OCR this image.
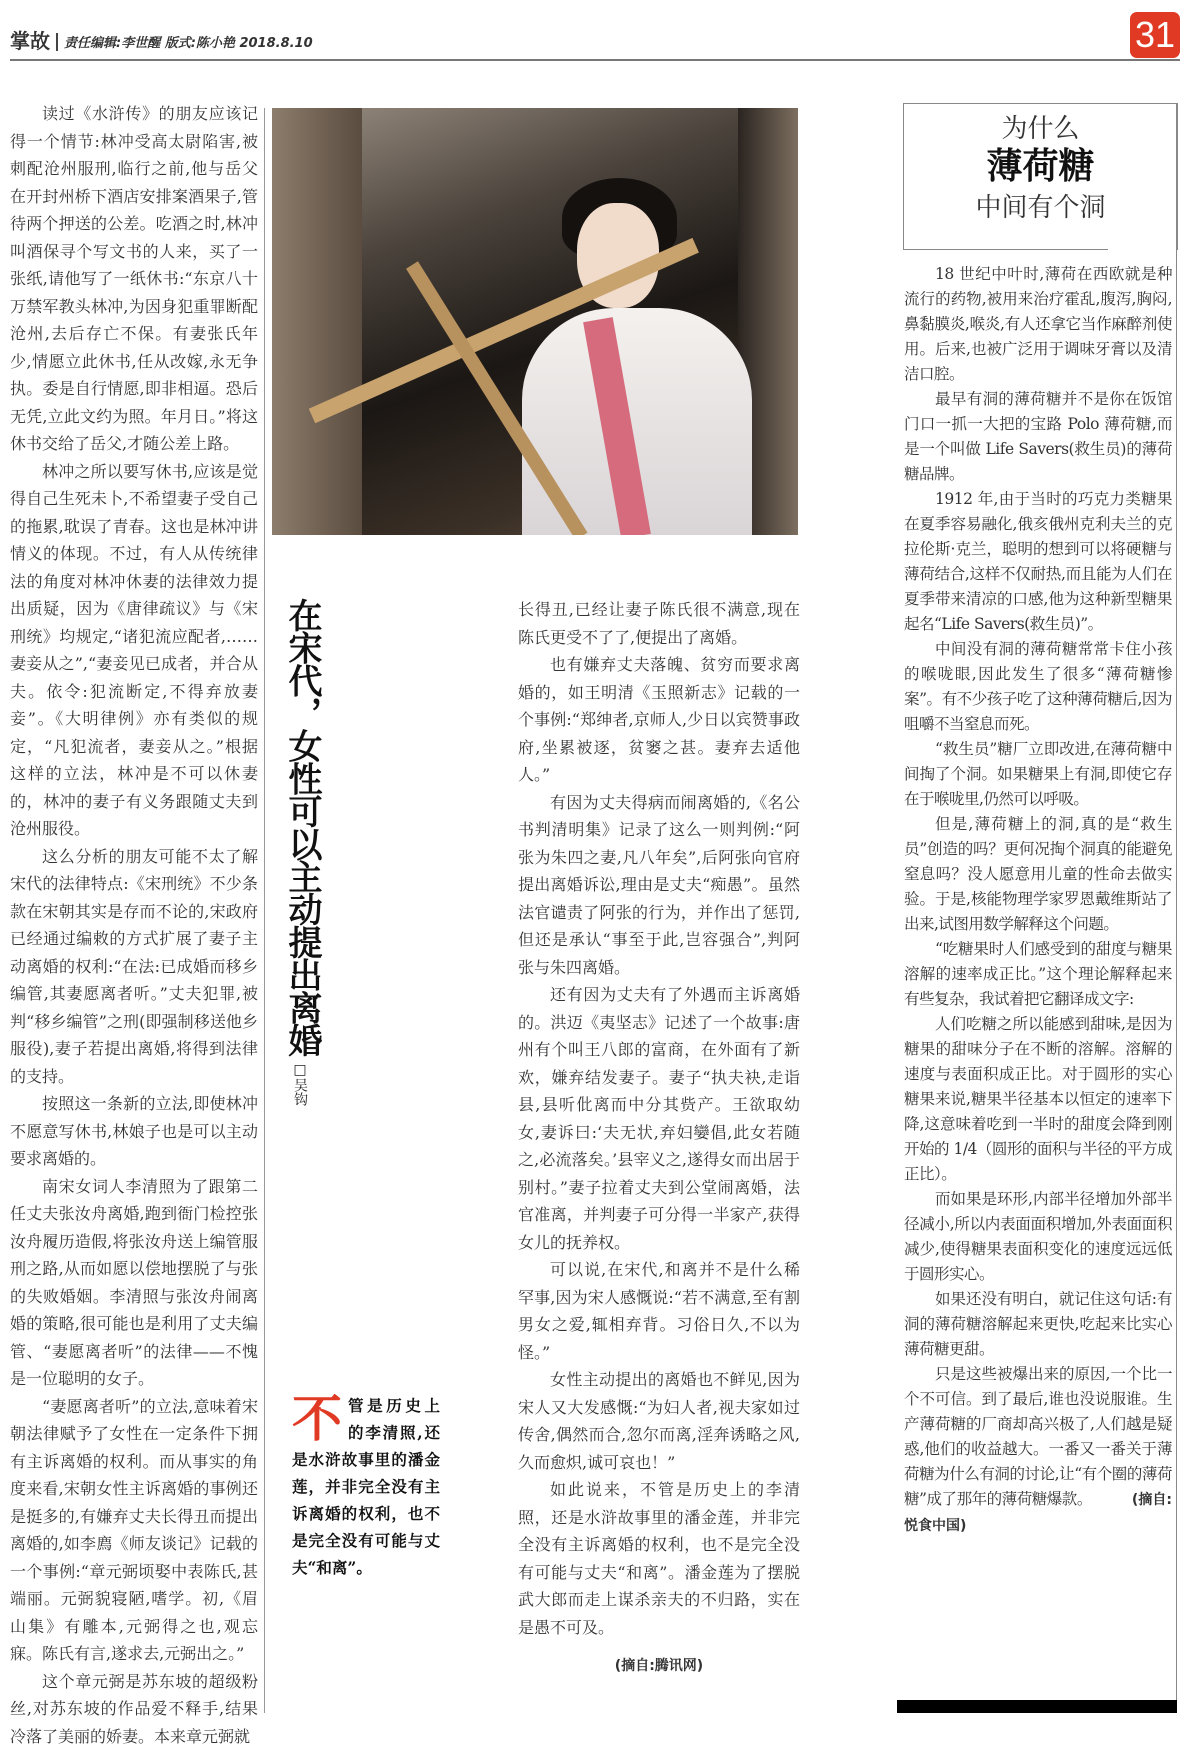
掌故 责任编辑:李世醒 版式:陈小艳 2018.8.10	31

读过《水浒传》的朋友应该记得一个情节:林冲受高太尉陷害,被刺配沧州服刑,临行之前,他与岳父在开封州桥下酒店安排案酒果子,管待两个押送的公差。吃酒之时,林冲叫酒保寻个写文书的人来，买了一张纸,请他写了一纸休书:“东京八十万禁军教头林冲,为因身犯重罪断配沧州,去后存亡不保。有妻张氏年少,情愿立此休书,任从改嫁,永无争执。委是自行情愿,即非相逼。恐后无凭,立此文约为照。年月日。”将这休书交给了岳父,才随公差上路。

林冲之所以要写休书,应该是觉得自己生死未卜,不希望妻子受自己的拖累,耽误了青春。这也是林冲讲情义的体现。不过，有人从传统律法的角度对林冲休妻的法律效力提出质疑，因为《唐律疏议》与《宋刑统》均规定,“诸犯流应配者,……妻妾从之”,“妻妾见已成者，并合从夫。依令:犯流断定,不得弃放妻妾”。《大明律例》亦有类似的规定，“凡犯流者，妻妾从之。”根据这样的立法，林冲是不可以休妻的，林冲的妻子有义务跟随丈夫到沧州服役。

这么分析的朋友可能不太了解宋代的法律特点:《宋刑统》不少条款在宋朝其实是存而不论的,宋政府已经通过编敕的方式扩展了妻子主动离婚的权利:“在法:已成婚而移乡编管,其妻愿离者听。”丈夫犯罪,被判“移乡编管”之刑(即强制移送他乡服役),妻子若提出离婚,将得到法律的支持。

按照这一条新的立法,即使林冲不愿意写休书,林娘子也是可以主动要求离婚的。

南宋女词人李清照为了跟第二任丈夫张汝舟离婚,跑到衙门检控张汝舟履历造假,将张汝舟送上编管服刑之路,从而如愿以偿地摆脱了与张的失败婚姻。李清照与张汝舟闹离婚的策略,很可能也是利用了丈夫编管、“妻愿离者听”的法律——不愧是一位聪明的女子。

“妻愿离者听”的立法,意味着宋朝法律赋予了女性在一定条件下拥有主诉离婚的权利。而从事实的角度来看,宋朝女性主诉离婚的事例还是挺多的,有嫌弃丈夫长得丑而提出离婚的,如李廌《师友谈记》记载的一个事例:“章元弼顷娶中表陈氏,甚端丽。元弼貌寝陋,嗜学。初,《眉山集》有雕本,元弼得之也,观忘寐。陈氏有言,遂求去,元弼出之。”

这个章元弼是苏东坡的超级粉丝,对苏东坡的作品爱不释手,结果冷落了美丽的娇妻。本来章元弼就

在宋代，女性可以主动提出离婚
□吴钩
不 管是历史上的李清照,还是水浒故事里的潘金莲，并非完全没有主诉离婚的权利，也不是完全没有可能与丈夫“和离”。

长得丑,已经让妻子陈氏很不满意,现在陈氏更受不了了,便提出了离婚。

也有嫌弃丈夫落魄、贫穷而要求离婚的，如王明清《玉照新志》记载的一个事例:“郑绅者,京师人,少日以宾赞事政府,坐累被逐，贫窭之甚。妻弃去适他人。”

有因为丈夫得病而闹离婚的,《名公书判清明集》记录了这么一则判例:“阿张为朱四之妻,凡八年矣”,后阿张向官府提出离婚诉讼,理由是丈夫“痴愚”。虽然法官谴责了阿张的行为，并作出了惩罚,但还是承认“事至于此,岂容强合”,判阿张与朱四离婚。

还有因为丈夫有了外遇而主诉离婚的。洪迈《夷坚志》记述了一个故事:唐州有个叫王八郎的富商，在外面有了新欢，嫌弃结发妻子。妻子“执夫袂,走诣县,县听仳离而中分其赀产。王欲取幼女,妻诉曰:‘夫无状,弃妇孌倡,此女若随之,必流落矣。’县宰义之,遂得女而出居于别村。”妻子拉着丈夫到公堂闹离婚，法官准离，并判妻子可分得一半家产,获得女儿的抚养权。

可以说,在宋代,和离并不是什么稀罕事,因为宋人感慨说:“若不满意,至有割男女之爱,辄相弃背。习俗日久,不以为怪。”

女性主动提出的离婚也不鲜见,因为宋人又大发感慨:“为妇人者,视夫家如过传舍,偶然而合,忽尔而离,淫奔诱略之风,久而愈炽,诚可哀也！”

如此说来，不管是历史上的李清照，还是水浒故事里的潘金莲，并非完全没有主诉离婚的权利，也不是完全没有可能与丈夫“和离”。潘金莲为了摆脱武大郎而走上谋杀亲夫的不归路，实在是愚不可及。

(摘自:腾讯网)
为什么
薄荷糖
中间有个洞

18 世纪中叶时,薄荷在西欧就是种流行的药物,被用来治疗霍乱,腹泻,胸闷,鼻黏膜炎,喉炎,有人还拿它当作麻醉剂使用。后来,也被广泛用于调味牙膏以及清洁口腔。

最早有洞的薄荷糖并不是你在饭馆门口一抓一大把的宝路 Polo 薄荷糖,而是一个叫做 Life Savers(救生员)的薄荷糖品牌。

1912 年,由于当时的巧克力类糖果在夏季容易融化,俄亥俄州克利夫兰的克拉伦斯·克兰，聪明的想到可以将硬糖与薄荷结合,这样不仅耐热,而且能为人们在夏季带来清凉的口感,他为这种新型糖果起名“Life Savers(救生员)”。

中间没有洞的薄荷糖常常卡住小孩的喉咙眼,因此发生了很多“薄荷糖惨案”。有不少孩子吃了这种薄荷糖后,因为咀嚼不当窒息而死。

“救生员”糖厂立即改进,在薄荷糖中间掏了个洞。如果糖果上有洞,即使它存在于喉咙里,仍然可以呼吸。

但是,薄荷糖上的洞,真的是“救生员”创造的吗？更何况掏个洞真的能避免窒息吗？没人愿意用儿童的性命去做实验。于是,核能物理学家罗恩戴维斯站了出来,试图用数学解释这个问题。

“吃糖果时人们感受到的甜度与糖果溶解的速率成正比。”这个理论解释起来有些复杂，我试着把它翻译成文字:

人们吃糖之所以能感到甜味,是因为糖果的甜味分子在不断的溶解。溶解的速度与表面积成正比。对于圆形的实心糖果来说,糖果半径基本以恒定的速率下降,这意味着吃到一半时的甜度会降到刚开始的 1/4（圆形的面积与半径的平方成正比）。

而如果是环形,内部半径增加外部半径减小,所以内表面面积增加,外表面面积减少,使得糖果表面积变化的速度远远低于圆形实心。

如果还没有明白，就记住这句话:有洞的薄荷糖溶解起来更快,吃起来比实心薄荷糖更甜。

只是这些被爆出来的原因,一个比一个不可信。到了最后,谁也没说服谁。生产薄荷糖的厂商却高兴极了,人们越是疑惑,他们的收益越大。一番又一番关于薄荷糖为什么有洞的讨论,让“有个圈的薄荷糖”成了那年的薄荷糖爆款。	(摘自:悦食中国)
